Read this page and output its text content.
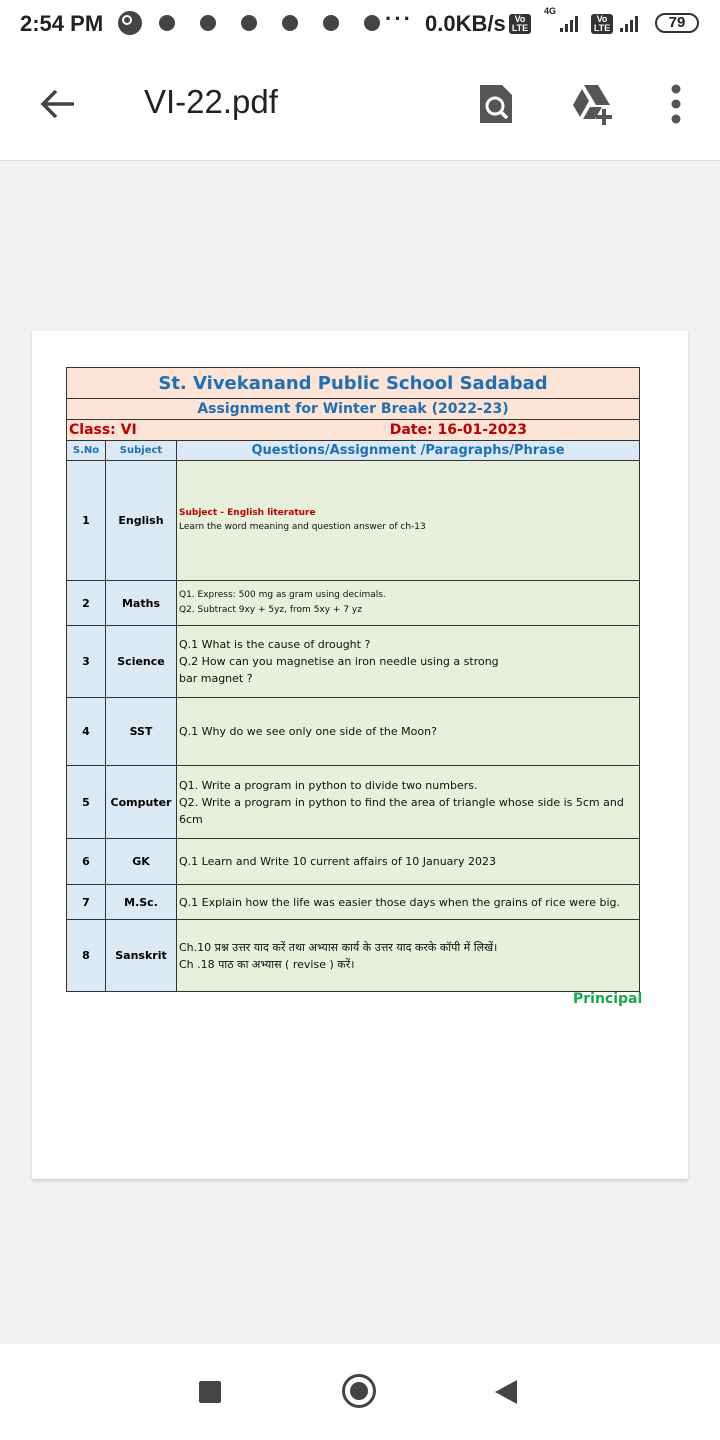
2:54 PM	··· 0.0KB/s Vo LTE
4G
Vo LTE	79
VI-22.pdf
St. Vivekanand Public School Sadabad		
Assignment for Winter Break (2022-23)		

Class: VI Date: 16-01-2023		

S.No	Subject	Questions/Assignment /Paragraphs/Phrase
1	English	Subject - English literature
Learn the word meaning and question answer of ch-13

2	Maths	Q1. Express: 500 mg as gram using decimals.
Q2. Subtract 9xy + 5yz, from 5xy + 7 yz

3	Science	Q.1 What is the cause of drought ?
Q.2 How can you magnetise an iron needle using a strong
bar magnet ?

4	SST	Q.1 Why do we see only one side of the Moon?

5	Computer	Q1. Write a program in python to divide two numbers.
Q2. Write a program in python to find the area of triangle whose side is 5cm and
6cm

6	GK	Q.1 Learn and Write 10 current affairs of 10 January 2023

7	M.Sc.	Q.1 Explain how the life was easier those days when the grains of rice were big.

8	Sanskrit	Ch.10 प्रश्न उत्तर याद करें तथा अभ्यास कार्य के उत्तर याद करके कॉपी में लिखें।
Ch .18 पाठ का अभ्यास ( revise ) करें।
Principal
